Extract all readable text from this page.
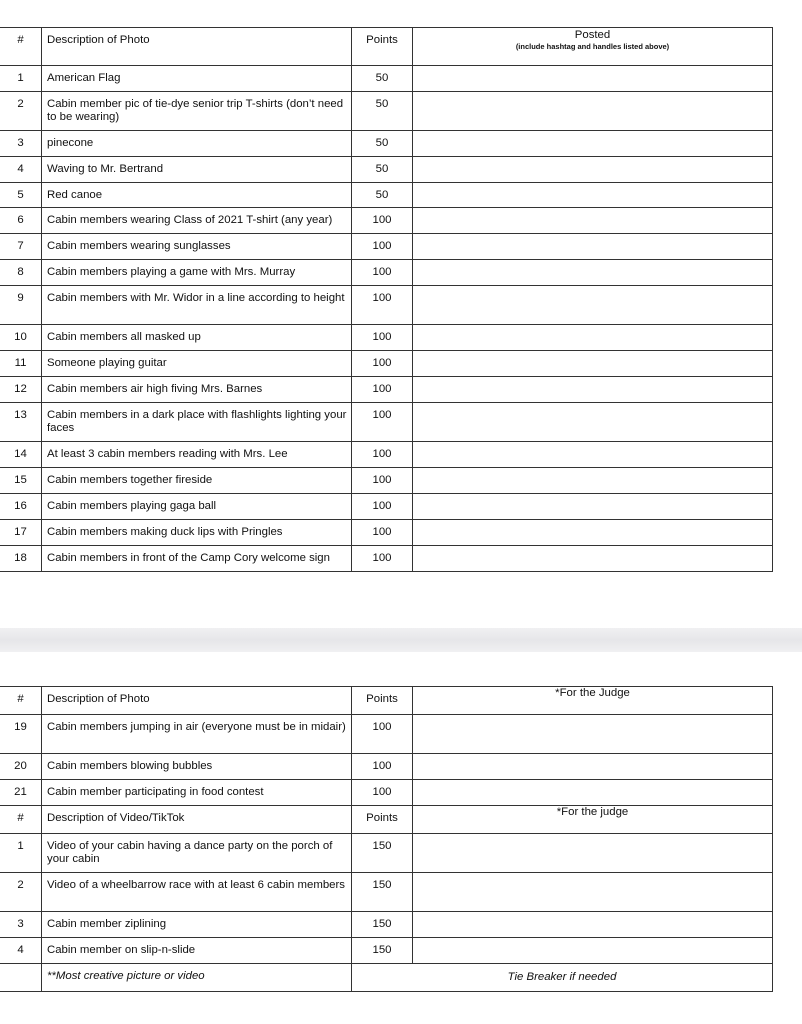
#	Description of Photo	Points	Posted
(include hashtag and handles listed above)

1	American Flag	50	
2	Cabin member pic of tie-dye senior trip T-shirts (don’t need to be wearing)	50	
3	pinecone	50	
4	Waving to Mr. Bertrand	50	
5	Red canoe	50	
6	Cabin members wearing Class of 2021 T-shirt (any year)	100	
7	Cabin members wearing sunglasses	100	
8	Cabin members playing a game with Mrs. Murray	100	
9	Cabin members with Mr. Widor in a line according to height	100	
10	Cabin members all masked up	100	
11	Someone playing guitar	100	
12	Cabin members air high fiving Mrs. Barnes	100	
13	Cabin members in a dark place with flashlights lighting your faces	100	
14	At least 3 cabin members reading with Mrs. Lee	100	
15	Cabin members together fireside	100	
16	Cabin members playing gaga ball	100	
17	Cabin members making duck lips with Pringles	100	
18	Cabin members in front of the Camp Cory welcome sign	100	
#	Description of Photo	Points	*For the Judge
19	Cabin members jumping in air (everyone must be in midair)	100	
20	Cabin members blowing bubbles	100	
21	Cabin member participating in food contest	100	
#	Description of Video/TikTok	Points	*For the judge
1	Video of your cabin having a dance party on the porch of your cabin	150	
2	Video of a wheelbarrow race with at least 6 cabin members	150	
3	Cabin member ziplining	150	
4	Cabin member on slip-n-slide	150	
	**Most creative picture or video	Tie Breaker if needed	
